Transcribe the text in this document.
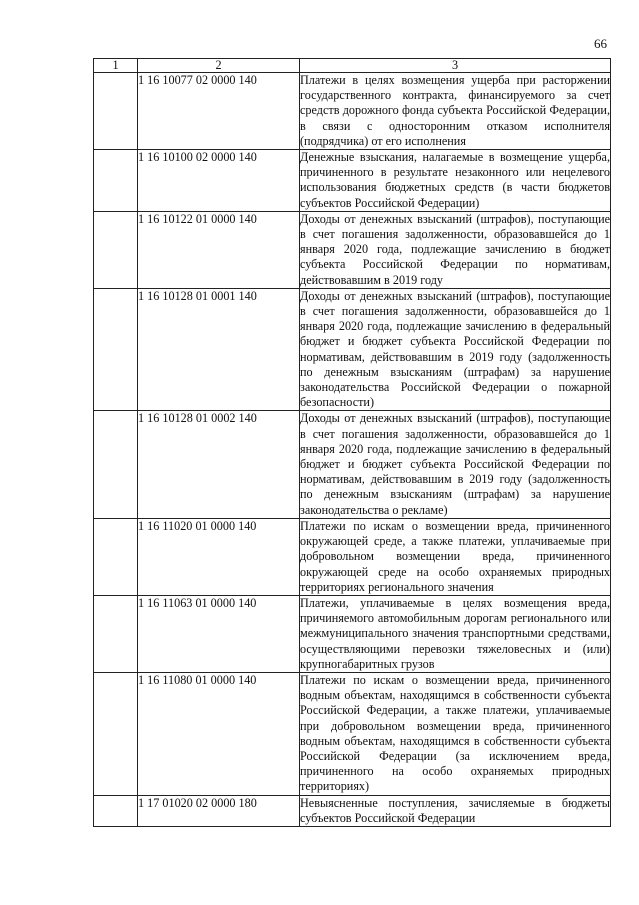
66
1	2	3
	1 16 10077 02 0000 140	Платежи в целях возмещения ущерба при расторжении государственного контракта, финансируемого за счет средств дорожного фонда субъекта Российской Федерации, в связи с односторонним отказом исполнителя (подрядчика) от его исполнения
	1 16 10100 02 0000 140	Денежные взыскания, налагаемые в возмещение ущерба, причиненного в результате незаконного или нецелевого использования бюджетных средств (в части бюджетов субъектов Российской Федерации)
	1 16 10122 01 0000 140	Доходы от денежных взысканий (штрафов), поступающие в счет погашения задолженности, образовавшейся до 1 января 2020 года, подлежащие зачислению в бюджет субъекта Российской Федерации по нормативам, действовавшим в 2019 году
	1 16 10128 01 0001 140	Доходы от денежных взысканий (штрафов), поступающие в счет погашения задолженности, образовавшейся до 1 января 2020 года, подлежащие зачислению в федеральный бюджет и бюджет субъекта Российской Федерации по нормативам, действовавшим в 2019 году (задолженность по денежным взысканиям (штрафам) за нарушение законодательства Российской Федерации о пожарной безопасности)
	1 16 10128 01 0002 140	Доходы от денежных взысканий (штрафов), поступающие в счет погашения задолженности, образовавшейся до 1 января 2020 года, подлежащие зачислению в федеральный бюджет и бюджет субъекта Российской Федерации по нормативам, действовавшим в 2019 году (задолженность по денежным взысканиям (штрафам) за нарушение законодательства о рекламе)
	1 16 11020 01 0000 140	Платежи по искам о возмещении вреда, причиненного окружающей среде, а также платежи, уплачиваемые при добровольном возмещении вреда, причиненного окружающей среде на особо охраняемых природных территориях регионального значения
	1 16 11063 01 0000 140	Платежи, уплачиваемые в целях возмещения вреда, причиняемого автомобильным дорогам регионального или межмуниципального значения транспортными средствами, осуществляющими перевозки тяжеловесных и (или) крупногабаритных грузов
	1 16 11080 01 0000 140	Платежи по искам о возмещении вреда, причиненного водным объектам, находящимся в собственности субъекта Российской Федерации, а также платежи, уплачиваемые при добровольном возмещении вреда, причиненного водным объектам, находящимся в собственности субъекта Российской Федерации (за исключением вреда, причиненного на особо охраняемых природных территориях)
	1 17 01020 02 0000 180	Невыясненные поступления, зачисляемые в бюджеты субъектов Российской Федерации
